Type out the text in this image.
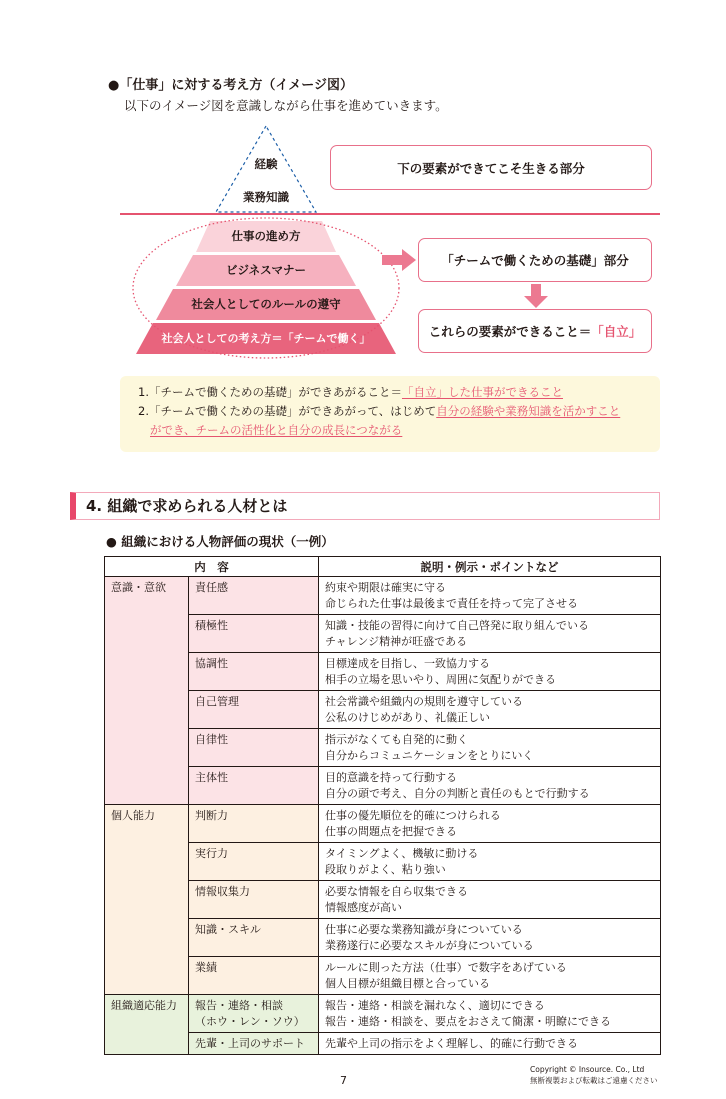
●「仕事」に対する考え方（イメージ図）
以下のイメージ図を意識しながら仕事を進めていきます。
経験
業務知識
仕事の進め方
ビジネスマナー
社会人としてのルールの遵守
社会人としての考え方＝「チームで働く」
下の要素ができてこそ生きる部分
「チームで働くための基礎」部分
これらの要素ができること＝ 「自立」
1.「チームで働くための基礎」ができあがること＝「自立」した仕事ができること
2.「チームで働くための基礎」ができあがって、はじめて自分の経験や業務知識を活かすこと
ができ、チームの活性化と自分の成長につながる
4. 組織で求められる人材とは
● 組織における人物評価の現状（一例）
内　容		説明・例示・ポイントなど
意識・意欲	責任感	約束や期限は確実に守る
命じられた仕事は最後まで責任を持って完了させる

	積極性	知識・技能の習得に向けて自己啓発に取り組んでいる
チャレンジ精神が旺盛である

	協調性	目標達成を目指し、一致協力する
相手の立場を思いやり、周囲に気配りができる

	自己管理	社会常識や組織内の規則を遵守している
公私のけじめがあり、礼儀正しい

	自律性	指示がなくても自発的に動く
自分からコミュニケーションをとりにいく

	主体性	目的意識を持って行動する
自分の頭で考え、自分の判断と責任のもとで行動する

個人能力	判断力	仕事の優先順位を的確につけられる
仕事の問題点を把握できる

	実行力	タイミングよく、機敏に動ける
段取りがよく、粘り強い

	情報収集力	必要な情報を自ら収集できる
情報感度が高い

	知識・スキル	仕事に必要な業務知識が身についている
業務遂行に必要なスキルが身についている

	業績	ルールに則った方法（仕事）で数字をあげている
個人目標が組織目標と合っている

組織適応能力	報告・連絡・相談
（ホウ・レン・ソウ）	報告・連絡・相談を漏れなく、適切にできる
報告・連絡・相談を、要点をおさえて簡潔・明瞭にできる

	先輩・上司のサポート	先輩や上司の指示をよく理解し、的確に行動できる
7
Copyright © Insource. Co., Ltd
無断複製および転載はご遠慮ください
